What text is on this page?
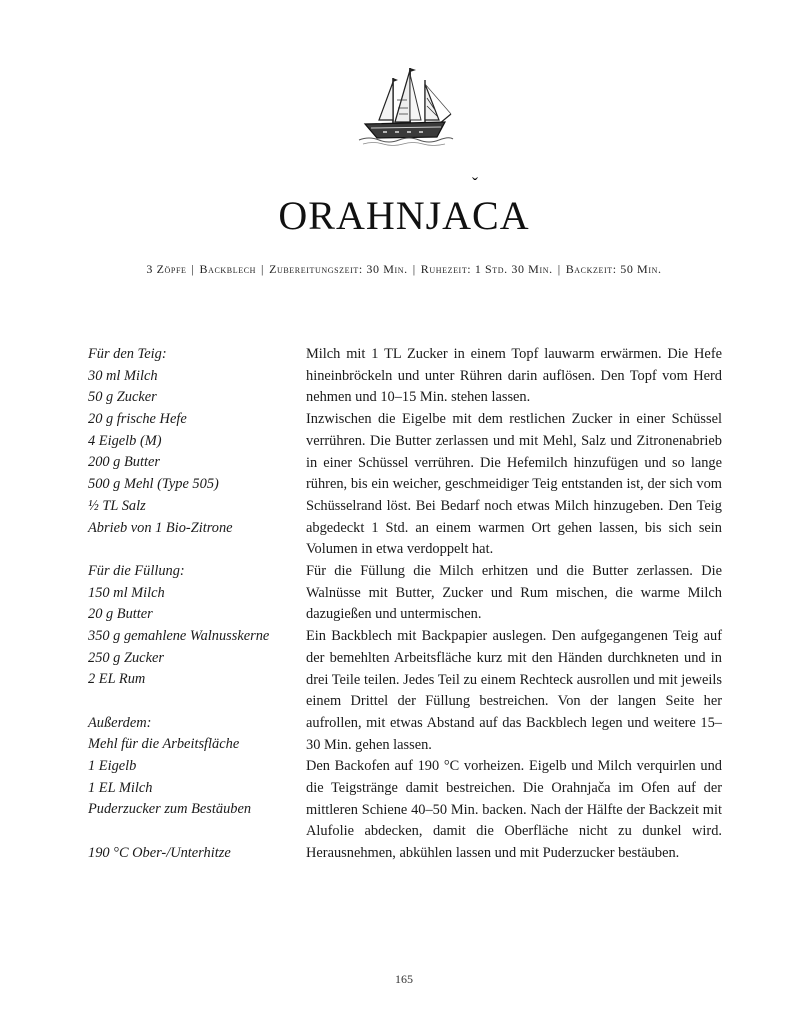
ˇ
ORAHNJACA
3 Zöpfe | Backblech | Zubereitungszeit: 30 Min. | Ruhezeit: 1 Std. 30 Min. | Backzeit: 50 Min.
Für den Teig:
30 ml Milch
50 g Zucker
20 g frische Hefe
4 Eigelb (M)
200 g Butter
500 g Mehl (Type 505)
½ TL Salz
Abrieb von 1 Bio-Zitrone
Für die Füllung:
150 ml Milch
20 g Butter
350 g gemahlene Walnusskerne
250 g Zucker
2 EL Rum
Außerdem:
Mehl für die Arbeitsfläche
1 Eigelb
1 EL Milch
Puderzucker zum Bestäuben
190 °C Ober-/Unterhitze

Milch mit 1 TL Zucker in einem Topf lauwarm erwärmen. Die Hefe hineinbröckeln und unter Rühren darin auflösen. Den Topf vom Herd nehmen und 10–15 Min. stehen lassen.

Inzwischen die Eigelbe mit dem restlichen Zucker in einer Schüssel verrühren. Die Butter zerlassen und mit Mehl, Salz und Zitronenabrieb in einer Schüssel verrühren. Die Hefemilch hinzufügen und so lange rühren, bis ein weicher, geschmeidiger Teig entstanden ist, der sich vom Schüsselrand löst. Bei Bedarf noch etwas Milch hinzugeben. Den Teig abgedeckt 1 Std. an einem warmen Ort gehen lassen, bis sich sein Volumen in etwa verdoppelt hat.

Für die Füllung die Milch erhitzen und die Butter zerlassen. Die Walnüsse mit Butter, Zucker und Rum mischen, die warme Milch dazugießen und untermischen.

Ein Backblech mit Backpapier auslegen. Den aufgegangenen Teig auf der bemehlten Arbeitsfläche kurz mit den Händen durchkneten und in drei Teile teilen. Jedes Teil zu einem Rechteck ausrollen und mit jeweils einem Drittel der Füllung bestreichen. Von der langen Seite her aufrollen, mit etwas Abstand auf das Backblech legen und weitere 15–30 Min. gehen lassen.

Den Backofen auf 190 °C vorheizen. Eigelb und Milch verquirlen und die Teigstränge damit bestreichen. Die Orahnjača im Ofen auf der mittleren Schiene 40–50 Min. backen. Nach der Hälfte der Backzeit mit Alufolie abdecken, damit die Oberfläche nicht zu dunkel wird. Herausnehmen, abkühlen lassen und mit Puderzucker bestäuben.

165
